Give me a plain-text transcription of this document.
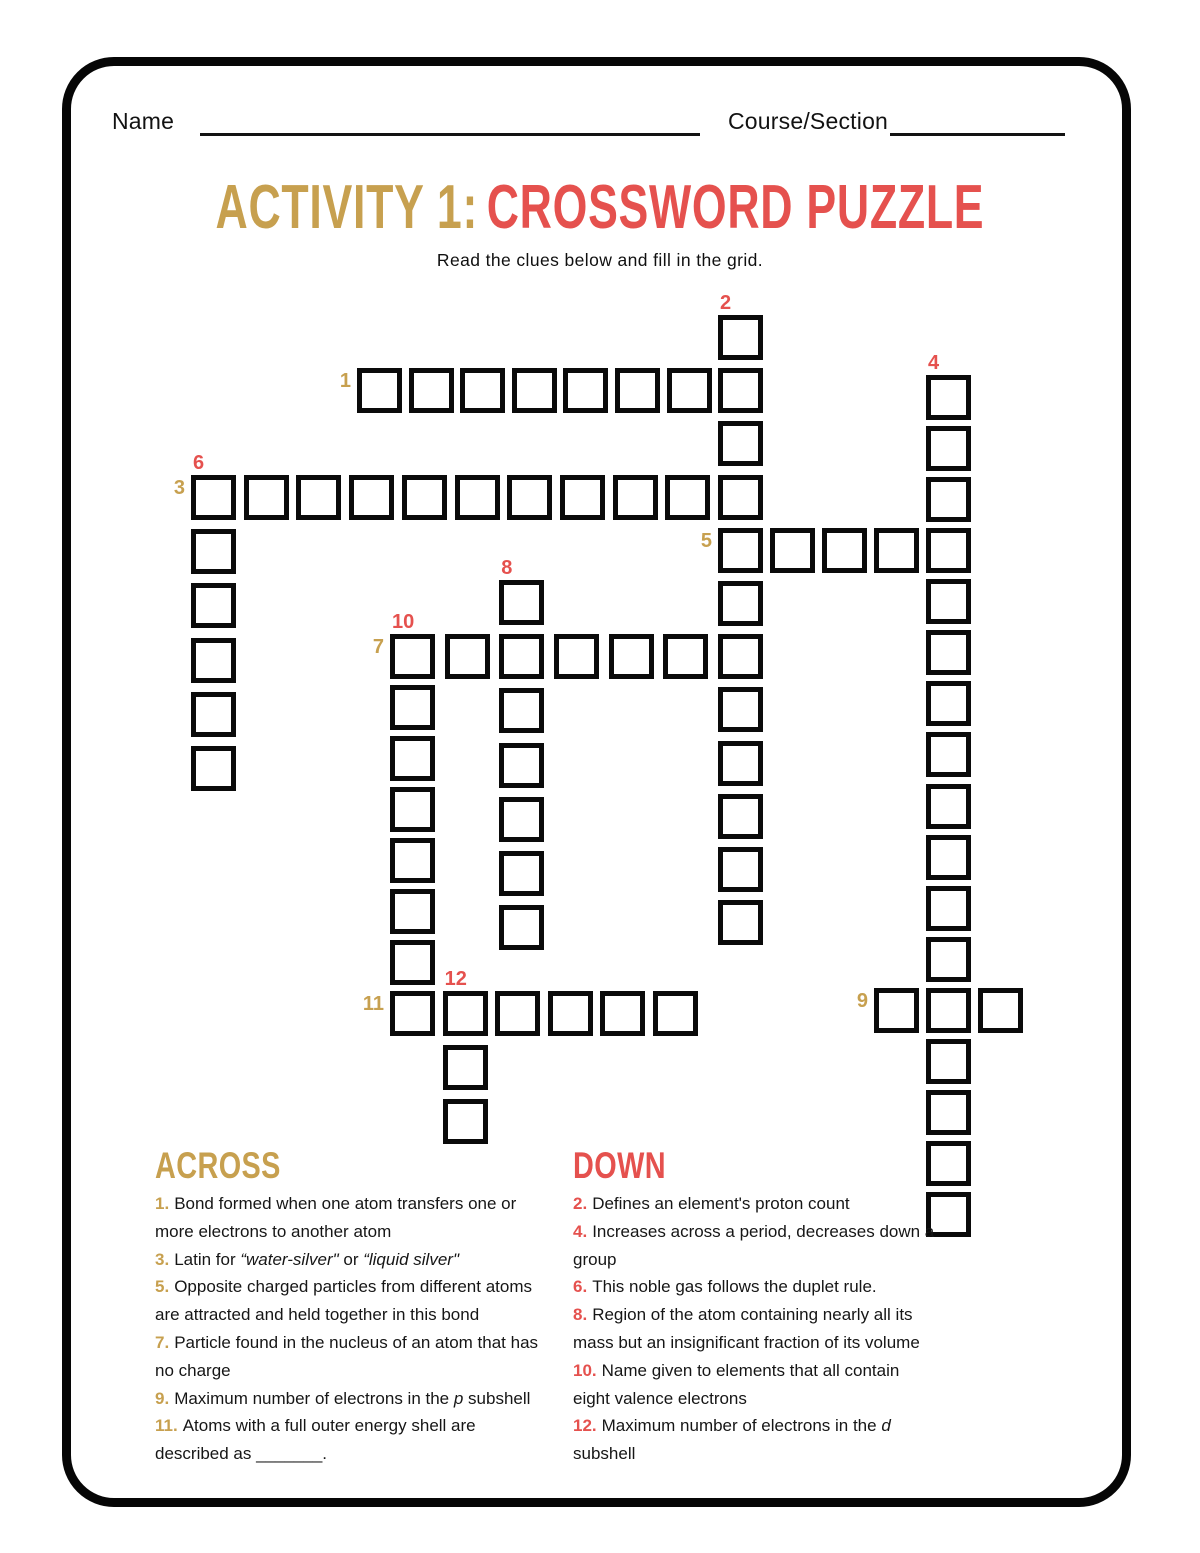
Name	Course/Section
ACTIVITY 1: CROSSWORD PUZZLE
Read the clues below and fill in the grid.
1
3
5
7
9
11
2
4
6
8
10
12
ACROSS	DOWN
1. Bond formed when one atom transfers one or
more electrons to another atom
3. Latin for “water-silver" or “liquid silver"
5. Opposite charged particles from different atoms
are attracted and held together in this bond
7. Particle found in the nucleus of an atom that has
no charge
9. Maximum number of electrons in the p subshell
11. Atoms with a full outer energy shell are
described as _______.
2. Defines an element's proton count
4. Increases across a period, decreases down a
group
6. This noble gas follows the duplet rule.
8. Region of the atom containing nearly all its
mass but an insignificant fraction of its volume
10. Name given to elements that all contain
eight valence electrons
12. Maximum number of electrons in the d
subshell
